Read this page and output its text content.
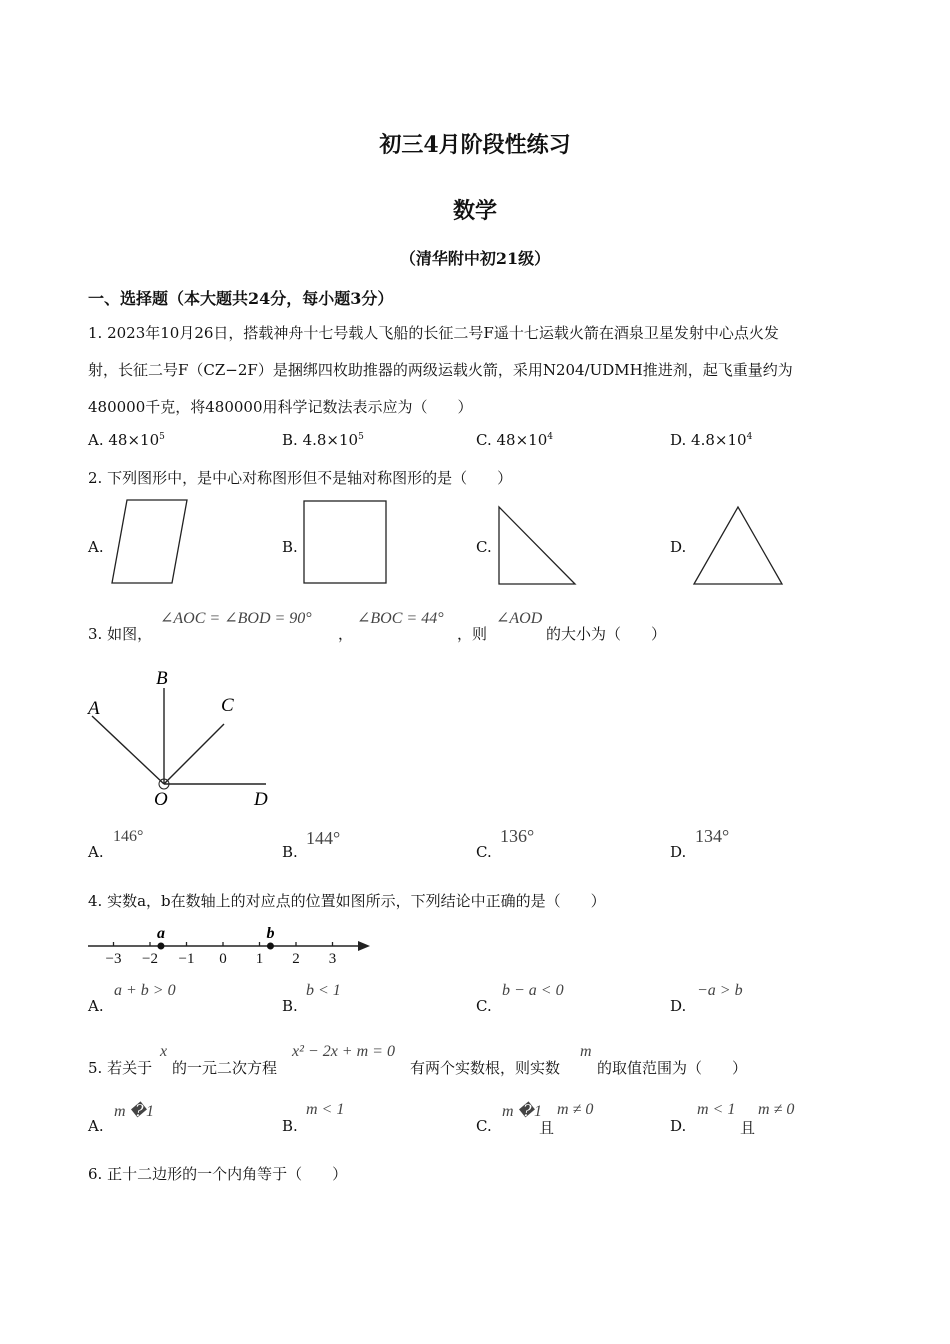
初三4月阶段性练习
数学
（清华附中初21级）
一、选择题（本大题共24分，每小题3分）
1. 2023年10月26日，搭载神舟十七号载人飞船的长征二号F遥十七运载火箭在酒泉卫星发射中心点火发
射，长征二号F（CZ−2F）是捆绑四枚助推器的两级运载火箭，采用N204/UDMH推进剂，起飞重量约为
480000千克，将480000用科学记数法表示应为（　　）
A. $48\times 10^5$	B. $4.8\times 10^5$	C. $48\times 10^4$	D. $4.8\times 10^4$
2. 下列图形中，是中心对称图形但不是轴对称图形的是（　　）
A.	B.	C.	D.
3. 如图，
∠AOC = ∠BOD = 90°
，
∠BOC = 44°
，则
∠AOD
的大小为（　　）
A
B
C
O	D
A.
146°
B.
144°
C.
136°
D.
134°
4. 实数a，b在数轴上的对应点的位置如图所示，下列结论中正确的是（　　）
−3 −2 −1 0 1 2 3
a	b
A.
a + b > 0
B.
b < 1
C.
b − a < 0
D.
−a > b
5. 若关于
x
的一元二次方程
x² − 2x + m = 0
有两个实数根，则实数
m
的取值范围为（　　）
A.
m �1
B.
m < 1
C.
m �1
且
m ≠ 0
D.
m < 1
且
m ≠ 0
6. 正十二边形的一个内角等于（　　）
